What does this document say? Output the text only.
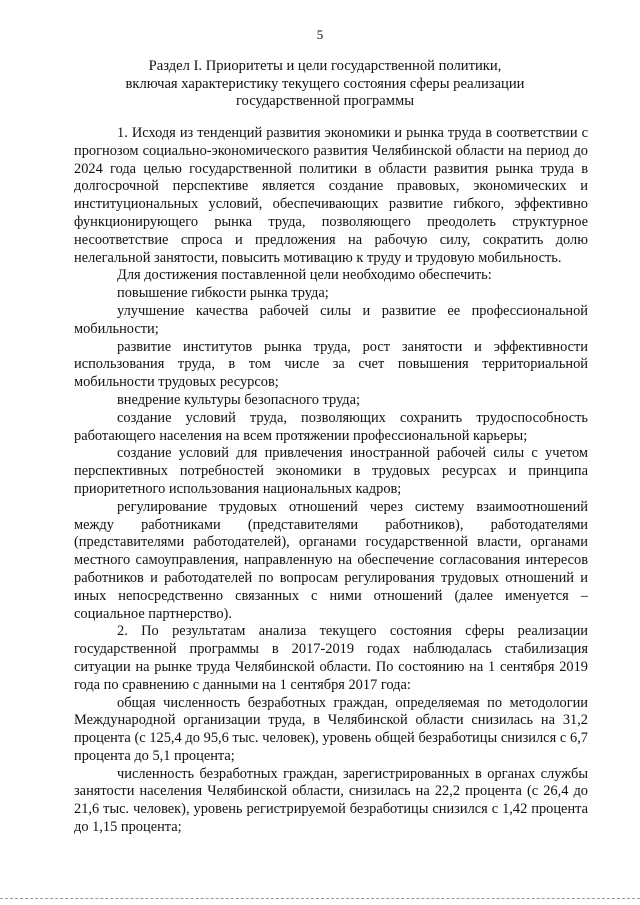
5
Раздел I. Приоритеты и цели государственной политики,
включая характеристику текущего состояния сферы реализации
государственной программы

1. Исходя из тенденций развития экономики и рынка труда в соответствии с прогнозом социально-экономического развития Челябинской области на период до 2024 года целью государственной политики в области развития рынка труда в долгосрочной перспективе является создание правовых, экономических и институциональных условий, обеспечивающих развитие гибкого, эффективно функционирующего рынка труда, позволяющего преодолеть структурное несоответствие спроса и предложения на рабочую силу, сократить долю нелегальной занятости, повысить мотивацию к труду и трудовую мобильность.

Для достижения поставленной цели необходимо обеспечить:

повышение гибкости рынка труда;

улучшение качества рабочей силы и развитие ее профессиональной мобильности;

развитие институтов рынка труда, рост занятости и эффективности использования труда, в том числе за счет повышения территориальной мобильности трудовых ресурсов;

внедрение культуры безопасного труда;

создание условий труда, позволяющих сохранить трудоспособность работающего населения на всем протяжении профессиональной карьеры;

создание условий для привлечения иностранной рабочей силы с учетом перспективных потребностей экономики в трудовых ресурсах и принципа приоритетного использования национальных кадров;

регулирование трудовых отношений через систему взаимоотношений между работниками (представителями работников), работодателями (представителями работодателей), органами государственной власти, органами местного самоуправления, направленную на обеспечение согласования интересов работников и работодателей по вопросам регулирования трудовых отношений и иных непосредственно связанных с ними отношений (далее именуется – социальное партнерство).

2. По результатам анализа текущего состояния сферы реализации государственной программы в 2017-2019 годах наблюдалась стабилизация ситуации на рынке труда Челябинской области. По состоянию на 1 сентября 2019 года по сравнению с данными на 1 сентября 2017 года:

общая численность безработных граждан, определяемая по методологии Международной организации труда, в Челябинской области снизилась на 31,2 процента (с 125,4 до 95,6 тыс. человек), уровень общей безработицы снизился с 6,7 процента до 5,1 процента;

численность безработных граждан, зарегистрированных в органах службы занятости населения Челябинской области, снизилась на 22,2 процента (с 26,4 до 21,6 тыс. человек), уровень регистрируемой безработицы снизился с 1,42 процента до 1,15 процента;
